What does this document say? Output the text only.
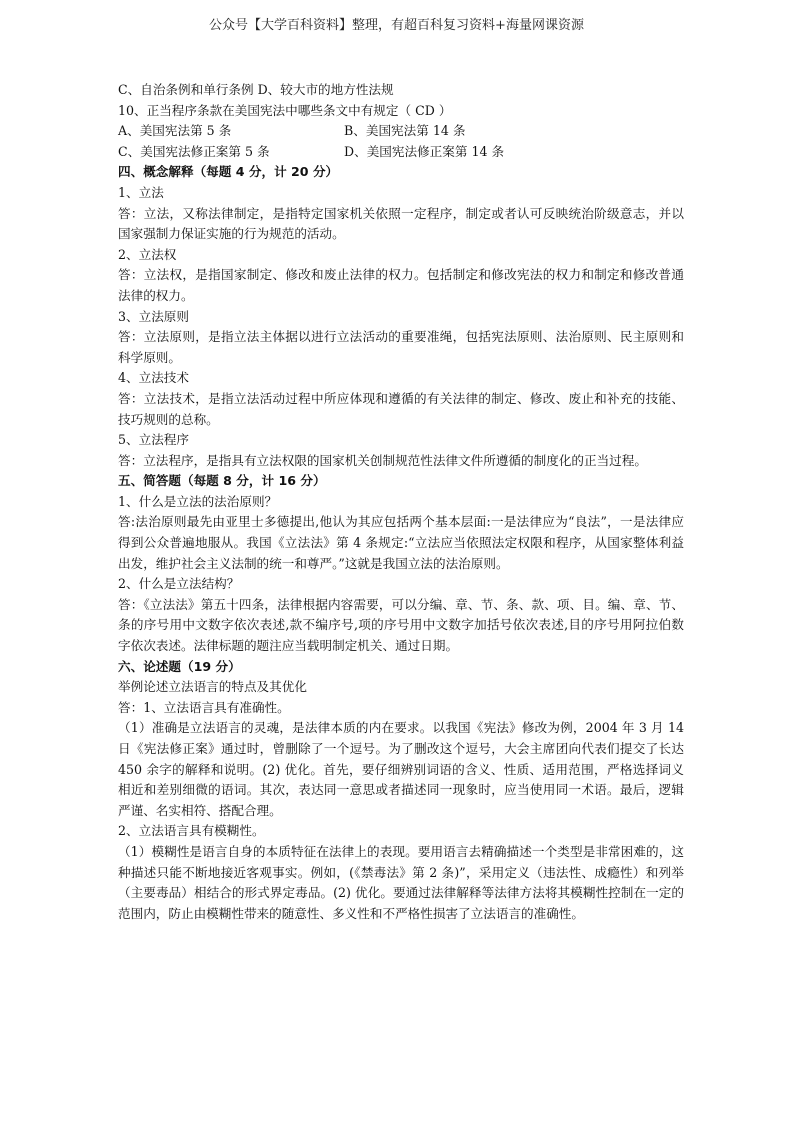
公众号【大学百科资料】整理，有超百科复习资料+海量网课资源
C、自治条例和单行条例 D、较大市的地方性法规
10、正当程序条款在美国宪法中哪些条文中有规定（ CD ）
A、美国宪法第 5 条	B、美国宪法第 14 条
C、美国宪法修正案第 5 条	D、美国宪法修正案第 14 条
四、概念解释（每题 4 分，计 20 分）
1、立法
答：立法，又称法律制定，是指特定国家机关依照一定程序，制定或者认可反映统治阶级意志，并以国家强制力保证实施的行为规范的活动。
2、立法权
答：立法权，是指国家制定、修改和废止法律的权力。包括制定和修改宪法的权力和制定和修改普通法律的权力。
3、立法原则
答：立法原则，是指立法主体据以进行立法活动的重要准绳，包括宪法原则、法治原则、民主原则和科学原则。
4、立法技术
答：立法技术，是指立法活动过程中所应体现和遵循的有关法律的制定、修改、废止和补充的技能、技巧规则的总称。
5、立法程序
答：立法程序，是指具有立法权限的国家机关创制规范性法律文件所遵循的制度化的正当过程。
五、简答题（每题 8 分，计 16 分）
1、什么是立法的法治原则？
答:法治原则最先由亚里士多德提出,他认为其应包括两个基本层面:一是法律应为“良法”，一是法律应得到公众普遍地服从。我国《立法法》第 4 条规定:“立法应当依照法定权限和程序，从国家整体利益出发，维护社会主义法制的统一和尊严。”这就是我国立法的法治原则。
2、什么是立法结构？
答：《立法法》第五十四条，法律根据内容需要，可以分编、章、节、条、款、项、目。编、章、节、条的序号用中文数字依次表述,款不编序号,项的序号用中文数字加括号依次表述,目的序号用阿拉伯数字依次表述。法律标题的题注应当载明制定机关、通过日期。
六、论述题（19 分）
举例论述立法语言的特点及其优化
答：1、立法语言具有准确性。
（1）准确是立法语言的灵魂，是法律本质的内在要求。以我国《宪法》修改为例，2004 年 3 月 14 日《宪法修正案》通过时，曾删除了一个逗号。为了删改这个逗号，大会主席团向代表们提交了长达 450 余字的解释和说明。(2) 优化。首先，要仔细辨别词语的含义、性质、适用范围，严格选择词义相近和差别细微的语词。其次，表达同一意思或者描述同一现象时，应当使用同一术语。最后，逻辑严谨、名实相符、搭配合理。
2、立法语言具有模糊性。
（1）模糊性是语言自身的本质特征在法律上的表现。要用语言去精确描述一个类型是非常困难的，这种描述只能不断地接近客观事实。例如，(《禁毒法》第 2 条)”，采用定义（违法性、成瘾性）和列举（主要毒品）相结合的形式界定毒品。(2) 优化。要通过法律解释等法律方法将其模糊性控制在一定的范围内，防止由模糊性带来的随意性、多义性和不严格性损害了立法语言的准确性。
